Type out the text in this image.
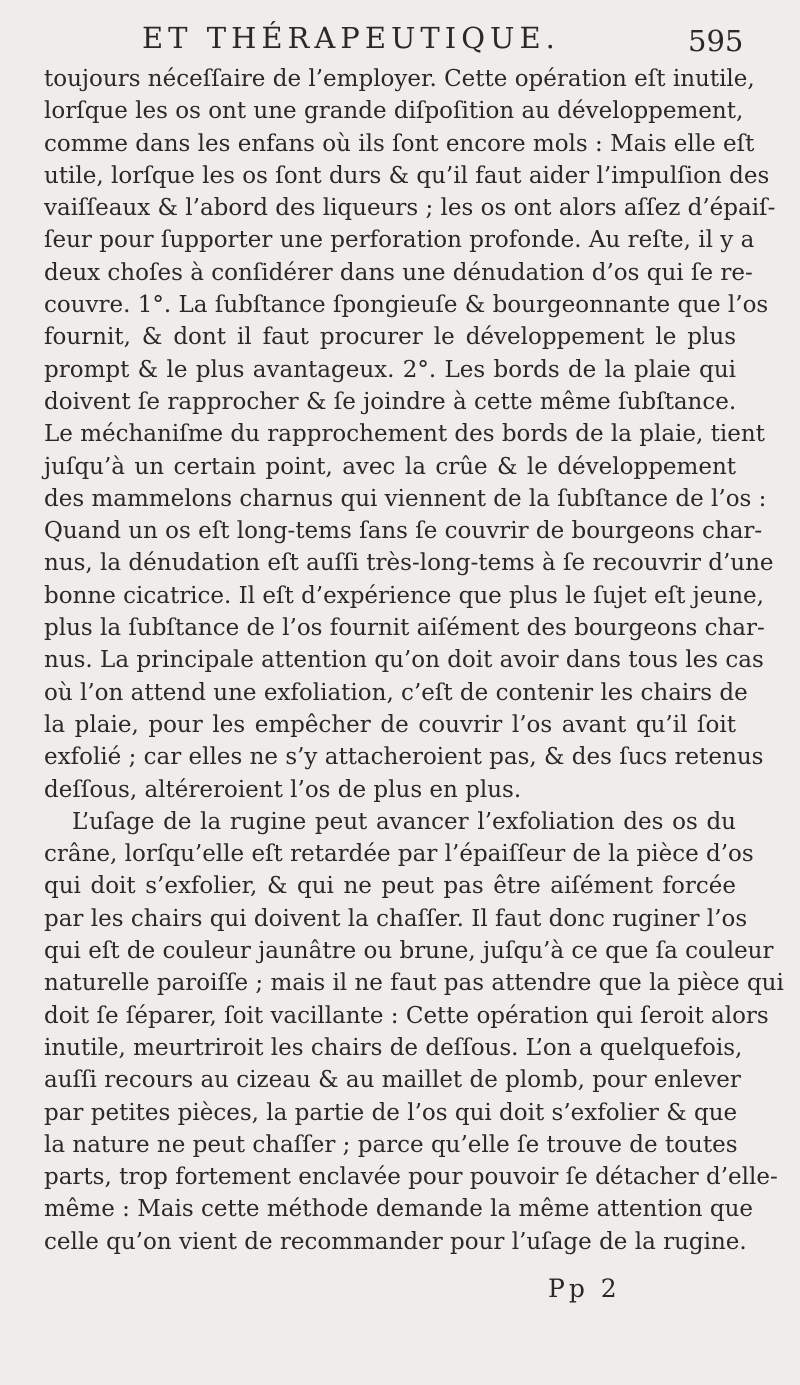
ET THÉRAPEUTIQUE.	595
toujours néceſſaire de l’employer. Cette opération eſt inutile,
lorſque les os ont une grande diſpoſition au développement,
comme dans les enfans où ils ſont encore mols : Mais elle eſt
utile, lorſque les os ſont durs & qu’il faut aider l’impulſion des
vaiſſeaux & l’abord des liqueurs ; les os ont alors aſſez d’épaiſ-
ſeur pour ſupporter une perforation profonde. Au reſte, il y a
deux choſes à conſidérer dans une dénudation d’os qui ſe re-
couvre. 1°. La ſubſtance ſpongieuſe & bourgeonnante que l’os
fournit, & dont il faut procurer le développement le plus
prompt & le plus avantageux. 2°. Les bords de la plaie qui
doivent ſe rapprocher & ſe joindre à cette même ſubſtance.
Le méchaniſme du rapprochement des bords de la plaie, tient
juſqu’à un certain point, avec la crûe & le développement
des mammelons charnus qui viennent de la ſubſtance de l’os :
Quand un os eſt long-tems ſans ſe couvrir de bourgeons char-
nus, la dénudation eſt auſſi très-long-tems à ſe recouvrir d’une
bonne cicatrice. Il eſt d’expérience que plus le ſujet eſt jeune,
plus la ſubſtance de l’os fournit aiſément des bourgeons char-
nus. La principale attention qu’on doit avoir dans tous les cas
où l’on attend une exfoliation, c’eſt de contenir les chairs de
la plaie, pour les empêcher de couvrir l’os avant qu’il ſoit
exfolié ; car elles ne s’y attacheroient pas, & des ſucs retenus
deſſous, altéreroient l’os de plus en plus.
L’uſage de la rugine peut avancer l’exfoliation des os du
crâne, lorſqu’elle eſt retardée par l’épaiſſeur de la pièce d’os
qui doit s’exfolier, & qui ne peut pas être aiſément forcée
par les chairs qui doivent la chaſſer. Il faut donc ruginer l’os
qui eſt de couleur jaunâtre ou brune, juſqu’à ce que ſa couleur
naturelle paroiſſe ; mais il ne faut pas attendre que la pièce qui
doit ſe ſéparer, ſoit vacillante : Cette opération qui ſeroit alors
inutile, meurtriroit les chairs de deſſous. L’on a quelquefois,
auſſi recours au cizeau & au maillet de plomb, pour enlever
par petites pièces, la partie de l’os qui doit s’exfolier & que
la nature ne peut chaſſer ; parce qu’elle ſe trouve de toutes
parts, trop fortement enclavée pour pouvoir ſe détacher d’elle-
même : Mais cette méthode demande la même attention que
celle qu’on vient de recommander pour l’uſage de la rugine.
Pp 2
